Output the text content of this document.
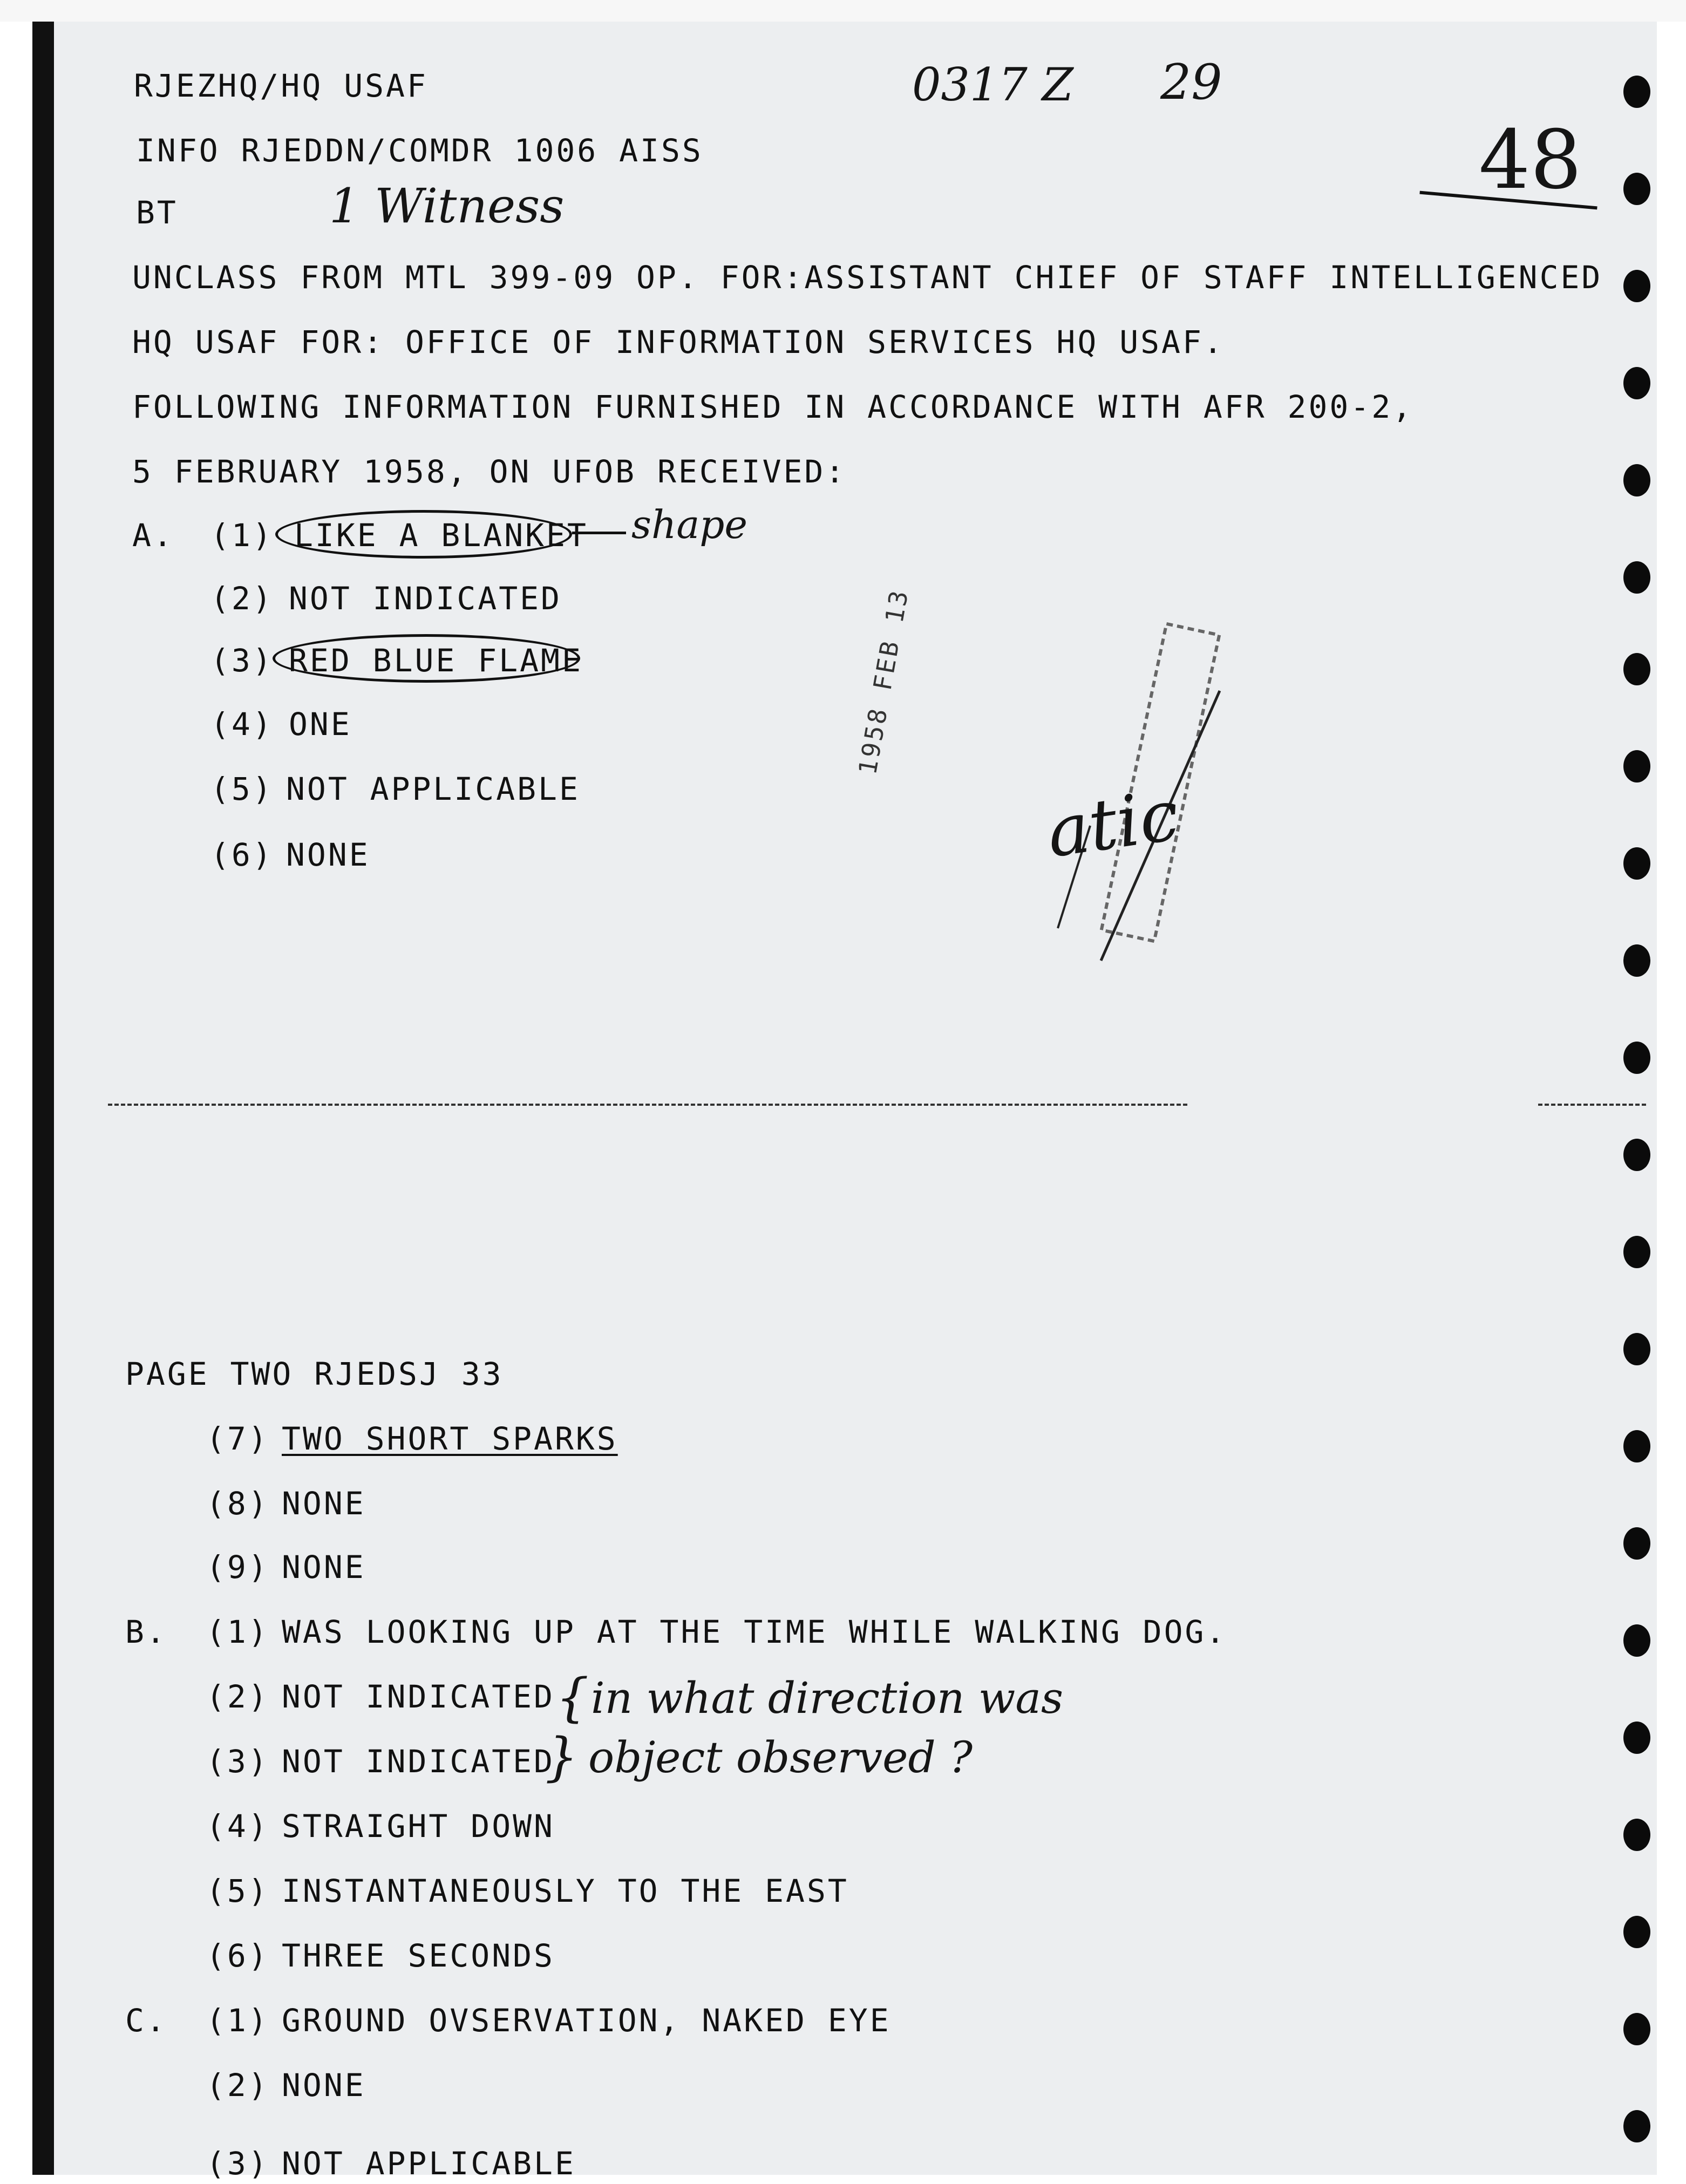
RJEZHQ/HQ USAF	0317 Z 29
INFO RJEDDN/COMDR 1006 AISS	48
BT	1 Witness
UNCLASS FROM MTL 399-09 OP. FOR:ASSISTANT CHIEF OF STAFF INTELLIGENCED
HQ USAF FOR: OFFICE OF INFORMATION SERVICES HQ USAF.
FOLLOWING INFORMATION FURNISHED IN ACCORDANCE WITH AFR 200-2,
5 FEBRUARY 1958, ON UFOB RECEIVED:
A. (1) LIKE A BLANKET shape
(2) NOT INDICATED
(3) RED BLUE FLAME
(4) ONE
(5) NOT APPLICABLE
(6) NONE
1958 FEB 13
atic
PAGE TWO RJEDSJ 33
(7) TWO SHORT SPARKS
(8) NONE
(9) NONE
B. (1) WAS LOOKING UP AT THE TIME WHILE WALKING DOG.
(2) NOT INDICATED
(3) NOT INDICATED
{
}
in what direction was
object observed ?
(4) STRAIGHT DOWN
(5) INSTANTANEOUSLY TO THE EAST
(6) THREE SECONDS
C. (1) GROUND OVSERVATION, NAKED EYE
(2) NONE
(3) NOT APPLICABLE
